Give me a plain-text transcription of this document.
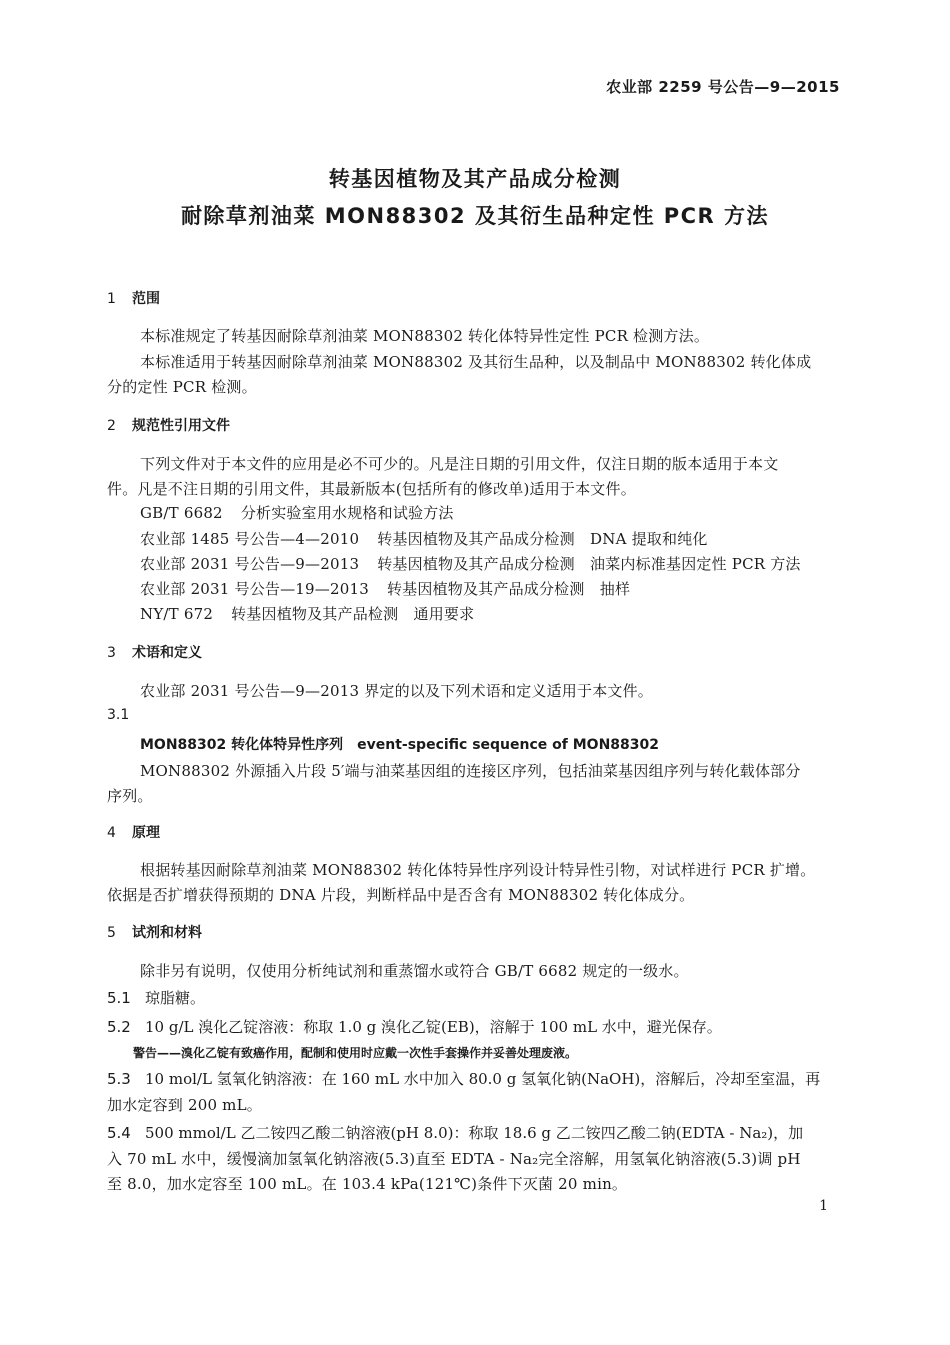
农业部 2259 号公告—9—2015
转基因植物及其产品成分检测
耐除草剂油菜 MON88302 及其衍生品种定性 PCR 方法
1 范围
本标准规定了转基因耐除草剂油菜 MON88302 转化体特异性定性 PCR 检测方法。
本标准适用于转基因耐除草剂油菜 MON88302 及其衍生品种，以及制品中 MON88302 转化体成
分的定性 PCR 检测。
2 规范性引用文件
下列文件对于本文件的应用是必不可少的。凡是注日期的引用文件，仅注日期的版本适用于本文
件。凡是不注日期的引用文件，其最新版本(包括所有的修改单)适用于本文件。
GB/T 6682 分析实验室用水规格和试验方法
农业部 1485 号公告—4—2010 转基因植物及其产品成分检测　DNA 提取和纯化
农业部 2031 号公告—9—2013 转基因植物及其产品成分检测　油菜内标准基因定性 PCR 方法
农业部 2031 号公告—19—2013 转基因植物及其产品成分检测　抽样
NY/T 672 转基因植物及其产品检测　通用要求
3 术语和定义
农业部 2031 号公告—9—2013 界定的以及下列术语和定义适用于本文件。
3.1
MON88302 转化体特异性序列　event-specific sequence of MON88302
MON88302 外源插入片段 5′端与油菜基因组的连接区序列，包括油菜基因组序列与转化载体部分
序列。
4 原理
根据转基因耐除草剂油菜 MON88302 转化体特异性序列设计特异性引物，对试样进行 PCR 扩增。
依据是否扩增获得预期的 DNA 片段，判断样品中是否含有 MON88302 转化体成分。
5 试剂和材料
除非另有说明，仅使用分析纯试剂和重蒸馏水或符合 GB/T 6682 规定的一级水。
5.1 琼脂糖。
5.2 10 g/L 溴化乙锭溶液：称取 1.0 g 溴化乙锭(EB)，溶解于 100 mL 水中，避光保存。
警告——溴化乙锭有致癌作用，配制和使用时应戴一次性手套操作并妥善处理废液。
5.3 10 mol/L 氢氧化钠溶液：在 160 mL 水中加入 80.0 g 氢氧化钠(NaOH)，溶解后，冷却至室温，再
加水定容到 200 mL。
5.4 500 mmol/L 乙二铵四乙酸二钠溶液(pH 8.0)：称取 18.6 g 乙二铵四乙酸二钠(EDTA - Na₂)，加
入 70 mL 水中，缓慢滴加氢氧化钠溶液(5.3)直至 EDTA - Na₂完全溶解，用氢氧化钠溶液(5.3)调 pH
至 8.0，加水定容至 100 mL。在 103.4 kPa(121℃)条件下灭菌 20 min。
1
